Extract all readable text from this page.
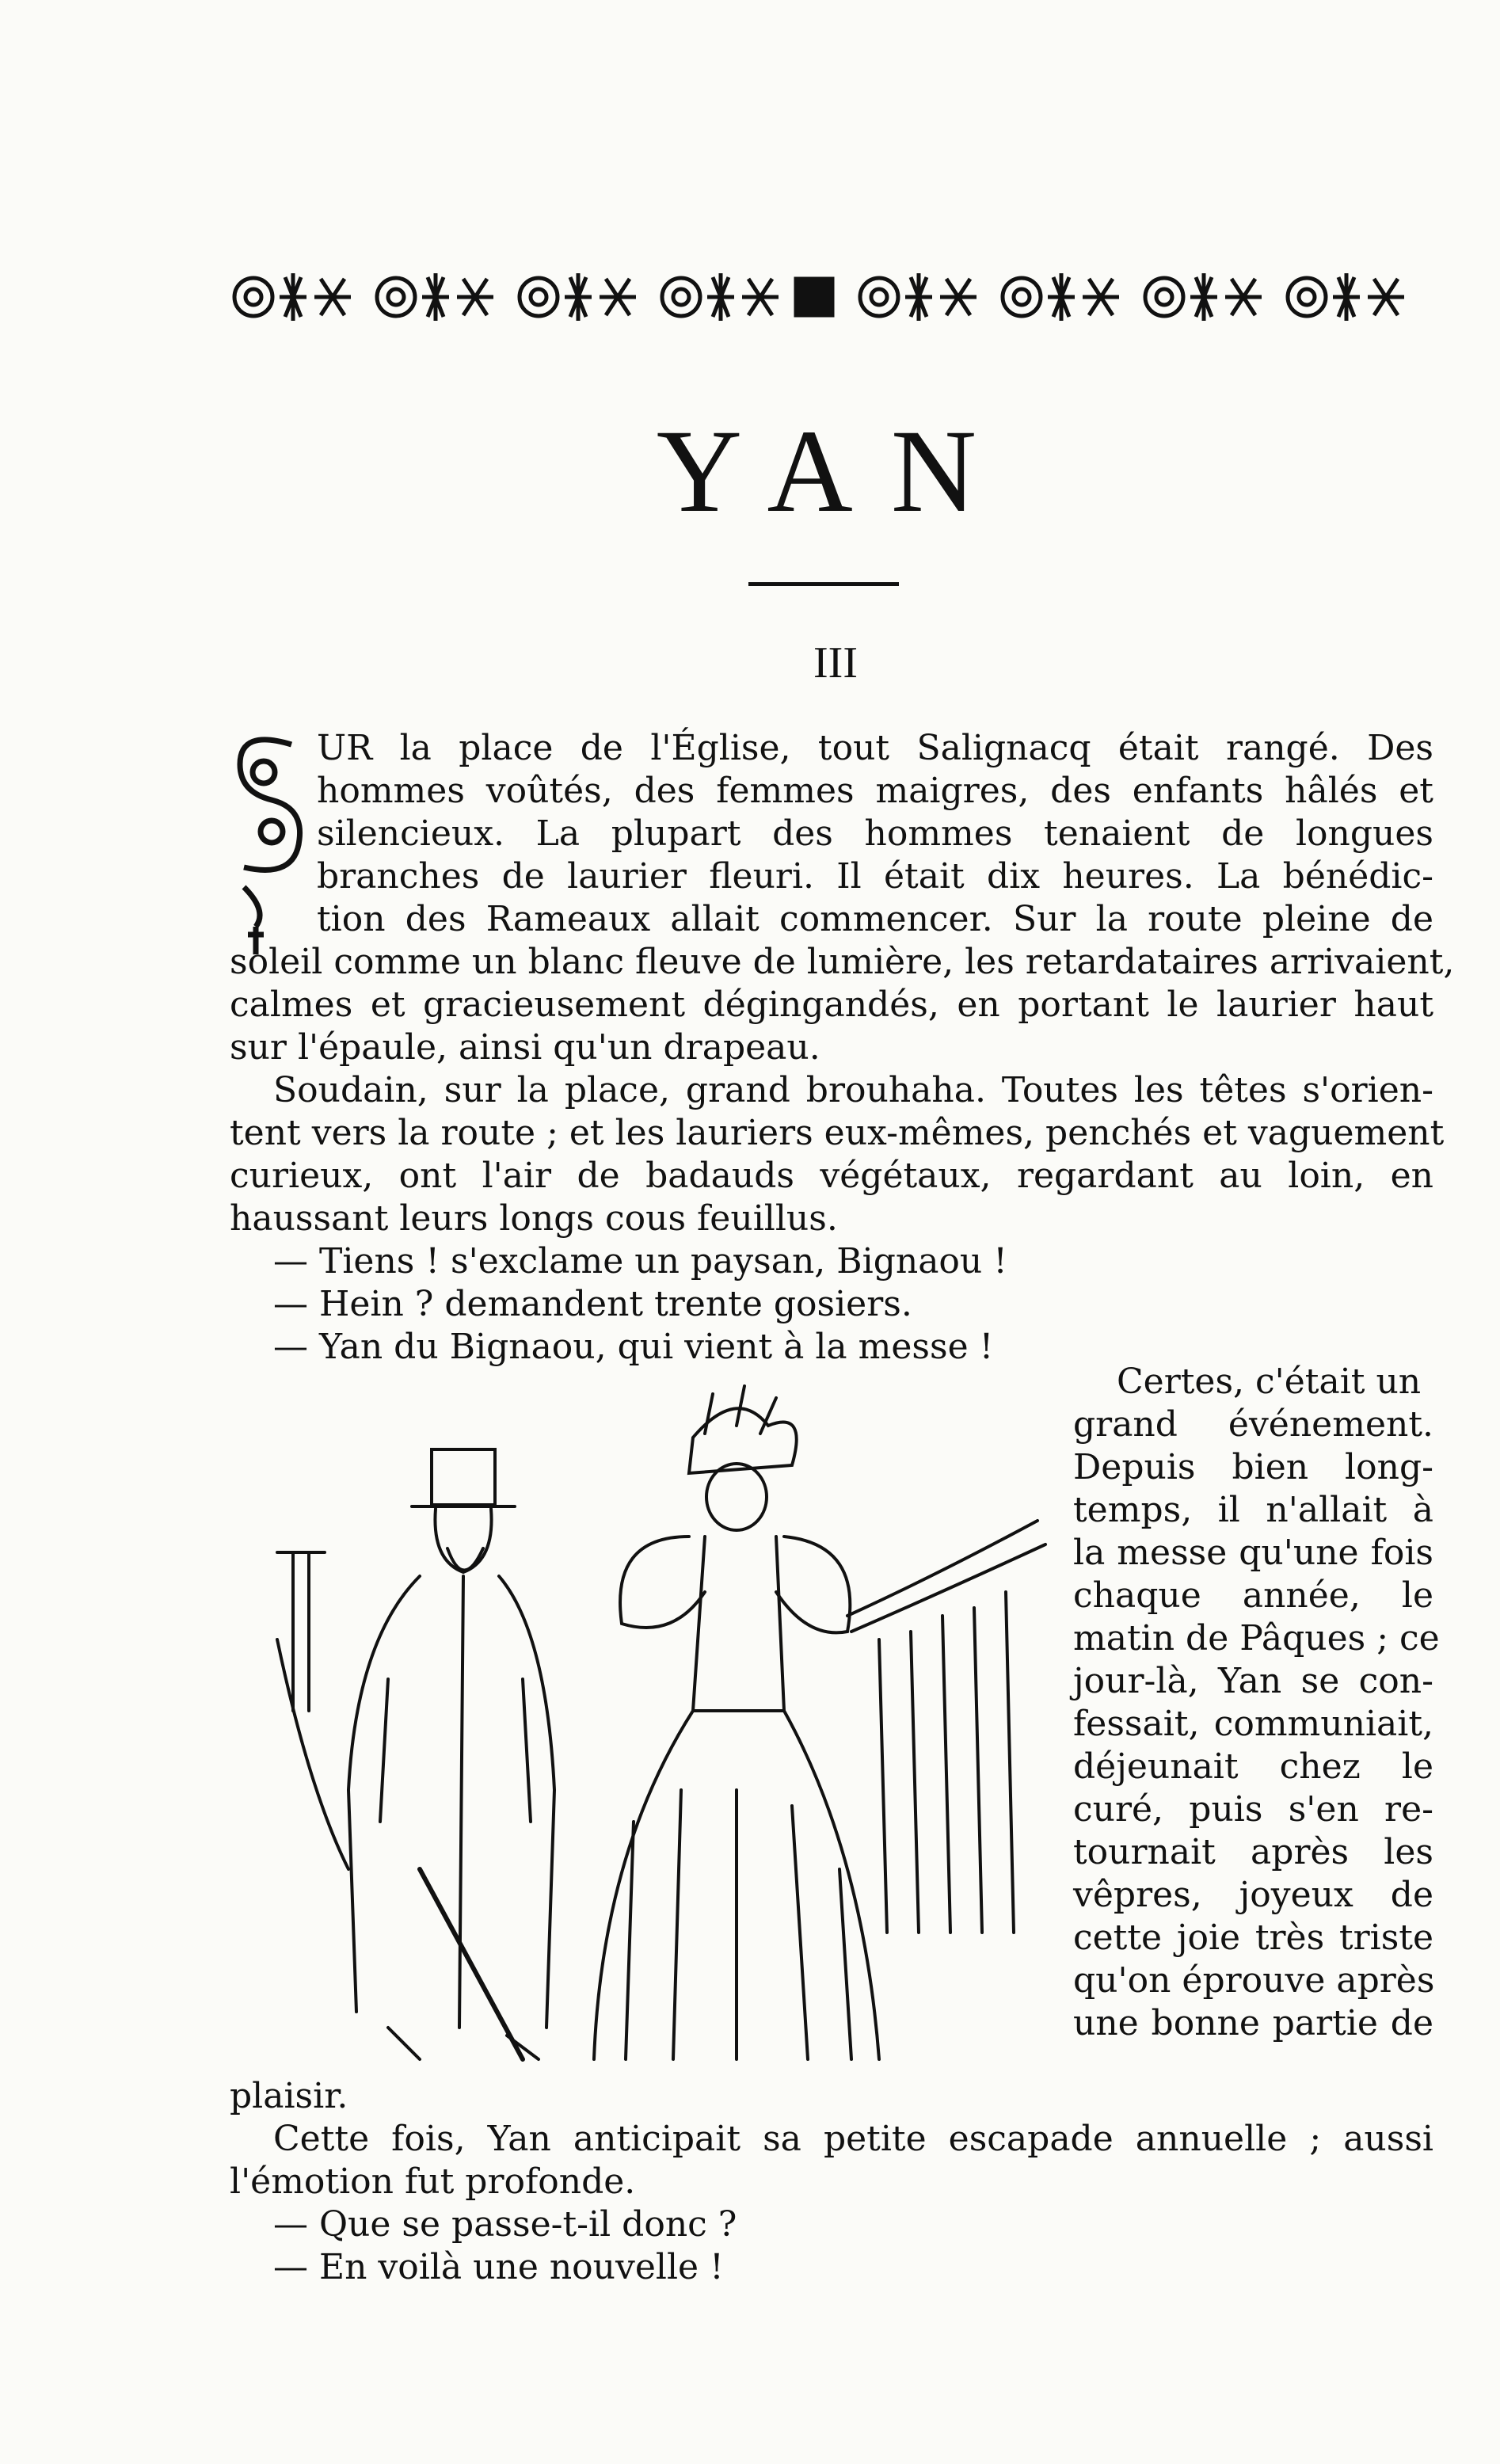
YAN
III
UR la place de l'Église, tout Salignacq était rangé. Des
hommes voûtés, des femmes maigres, des enfants hâlés et
silencieux. La plupart des hommes tenaient de longues
branches de laurier fleuri. Il était dix heures. La bénédic-
tion des Rameaux allait commencer. Sur la route pleine de
soleil comme un blanc fleuve de lumière, les retardataires arrivaient,
calmes et gracieusement dégingandés, en portant le laurier haut
sur l'épaule, ainsi qu'un drapeau.
Soudain, sur la place, grand brouhaha. Toutes les têtes s'orien-
tent vers la route ; et les lauriers eux-mêmes, penchés et vaguement
curieux, ont l'air de badauds végétaux, regardant au loin, en
haussant leurs longs cous feuillus.
— Tiens ! s'exclame un paysan, Bignaou !
— Hein ? demandent trente gosiers.
— Yan du Bignaou, qui vient à la messe !
Certes, c'était un
grand événement.
Depuis bien long-
temps, il n'allait à
la messe qu'une fois
chaque année, le
matin de Pâques ; ce
jour-là, Yan se con-
fessait, communiait,
déjeunait chez le
curé, puis s'en re-
tournait après les
vêpres, joyeux de
cette joie très triste
qu'on éprouve après
une bonne partie de
plaisir.
Cette fois, Yan anticipait sa petite escapade annuelle ; aussi
l'émotion fut profonde.
— Que se passe-t-il donc ?
— En voilà une nouvelle !
